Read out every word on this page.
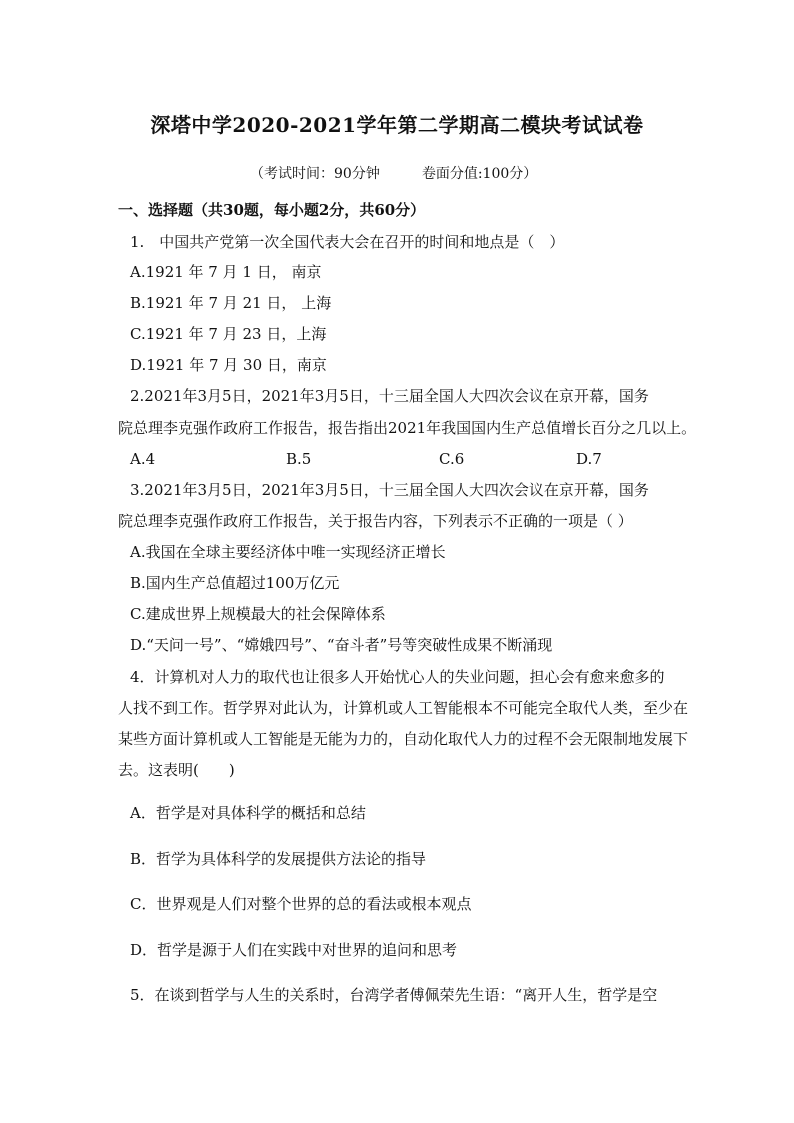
深塔中学2020-2021学年第二学期高二模块考试试卷
（考试时间：90分钟　　　卷面分值:100分）
一、选择题（共30题，每小题2分，共60分）
1.　中国共产党第一次全国代表大会在召开的时间和地点是（　）
A.1921 年 7 月 1 日， 南京
B.1921 年 7 月 21 日， 上海
C.1921 年 7 月 23 日，上海
D.1921 年 7 月 30 日，南京
2.2021年3月5日，2021年3月5日，十三届全国人大四次会议在京开幕，国务
院总理李克强作政府工作报告，报告指出2021年我国国内生产总值增长百分之几以上。
A.4	B.5	C.6	D.7
3.2021年3月5日，2021年3月5日，十三届全国人大四次会议在京开幕，国务
院总理李克强作政府工作报告，关于报告内容，下列表示不正确的一项是（ ）
A.我国在全球主要经济体中唯一实现经济正增长
B.国内生产总值超过100万亿元
C.建成世界上规模最大的社会保障体系
D.“天问一号”、“嫦娥四号”、“奋斗者”号等突破性成果不断涌现
4．计算机对人力的取代也让很多人开始忧心人的失业问题，担心会有愈来愈多的
人找不到工作。哲学界对此认为，计算机或人工智能根本不可能完全取代人类，至少在
某些方面计算机或人工智能是无能为力的，自动化取代人力的过程不会无限制地发展下
去。这表明(　　)
A．哲学是对具体科学的概括和总结
B．哲学为具体科学的发展提供方法论的指导
C．世界观是人们对整个世界的总的看法或根本观点
D．哲学是源于人们在实践中对世界的追问和思考
5．在谈到哲学与人生的关系时，台湾学者傅佩荣先生语：“离开人生，哲学是空
